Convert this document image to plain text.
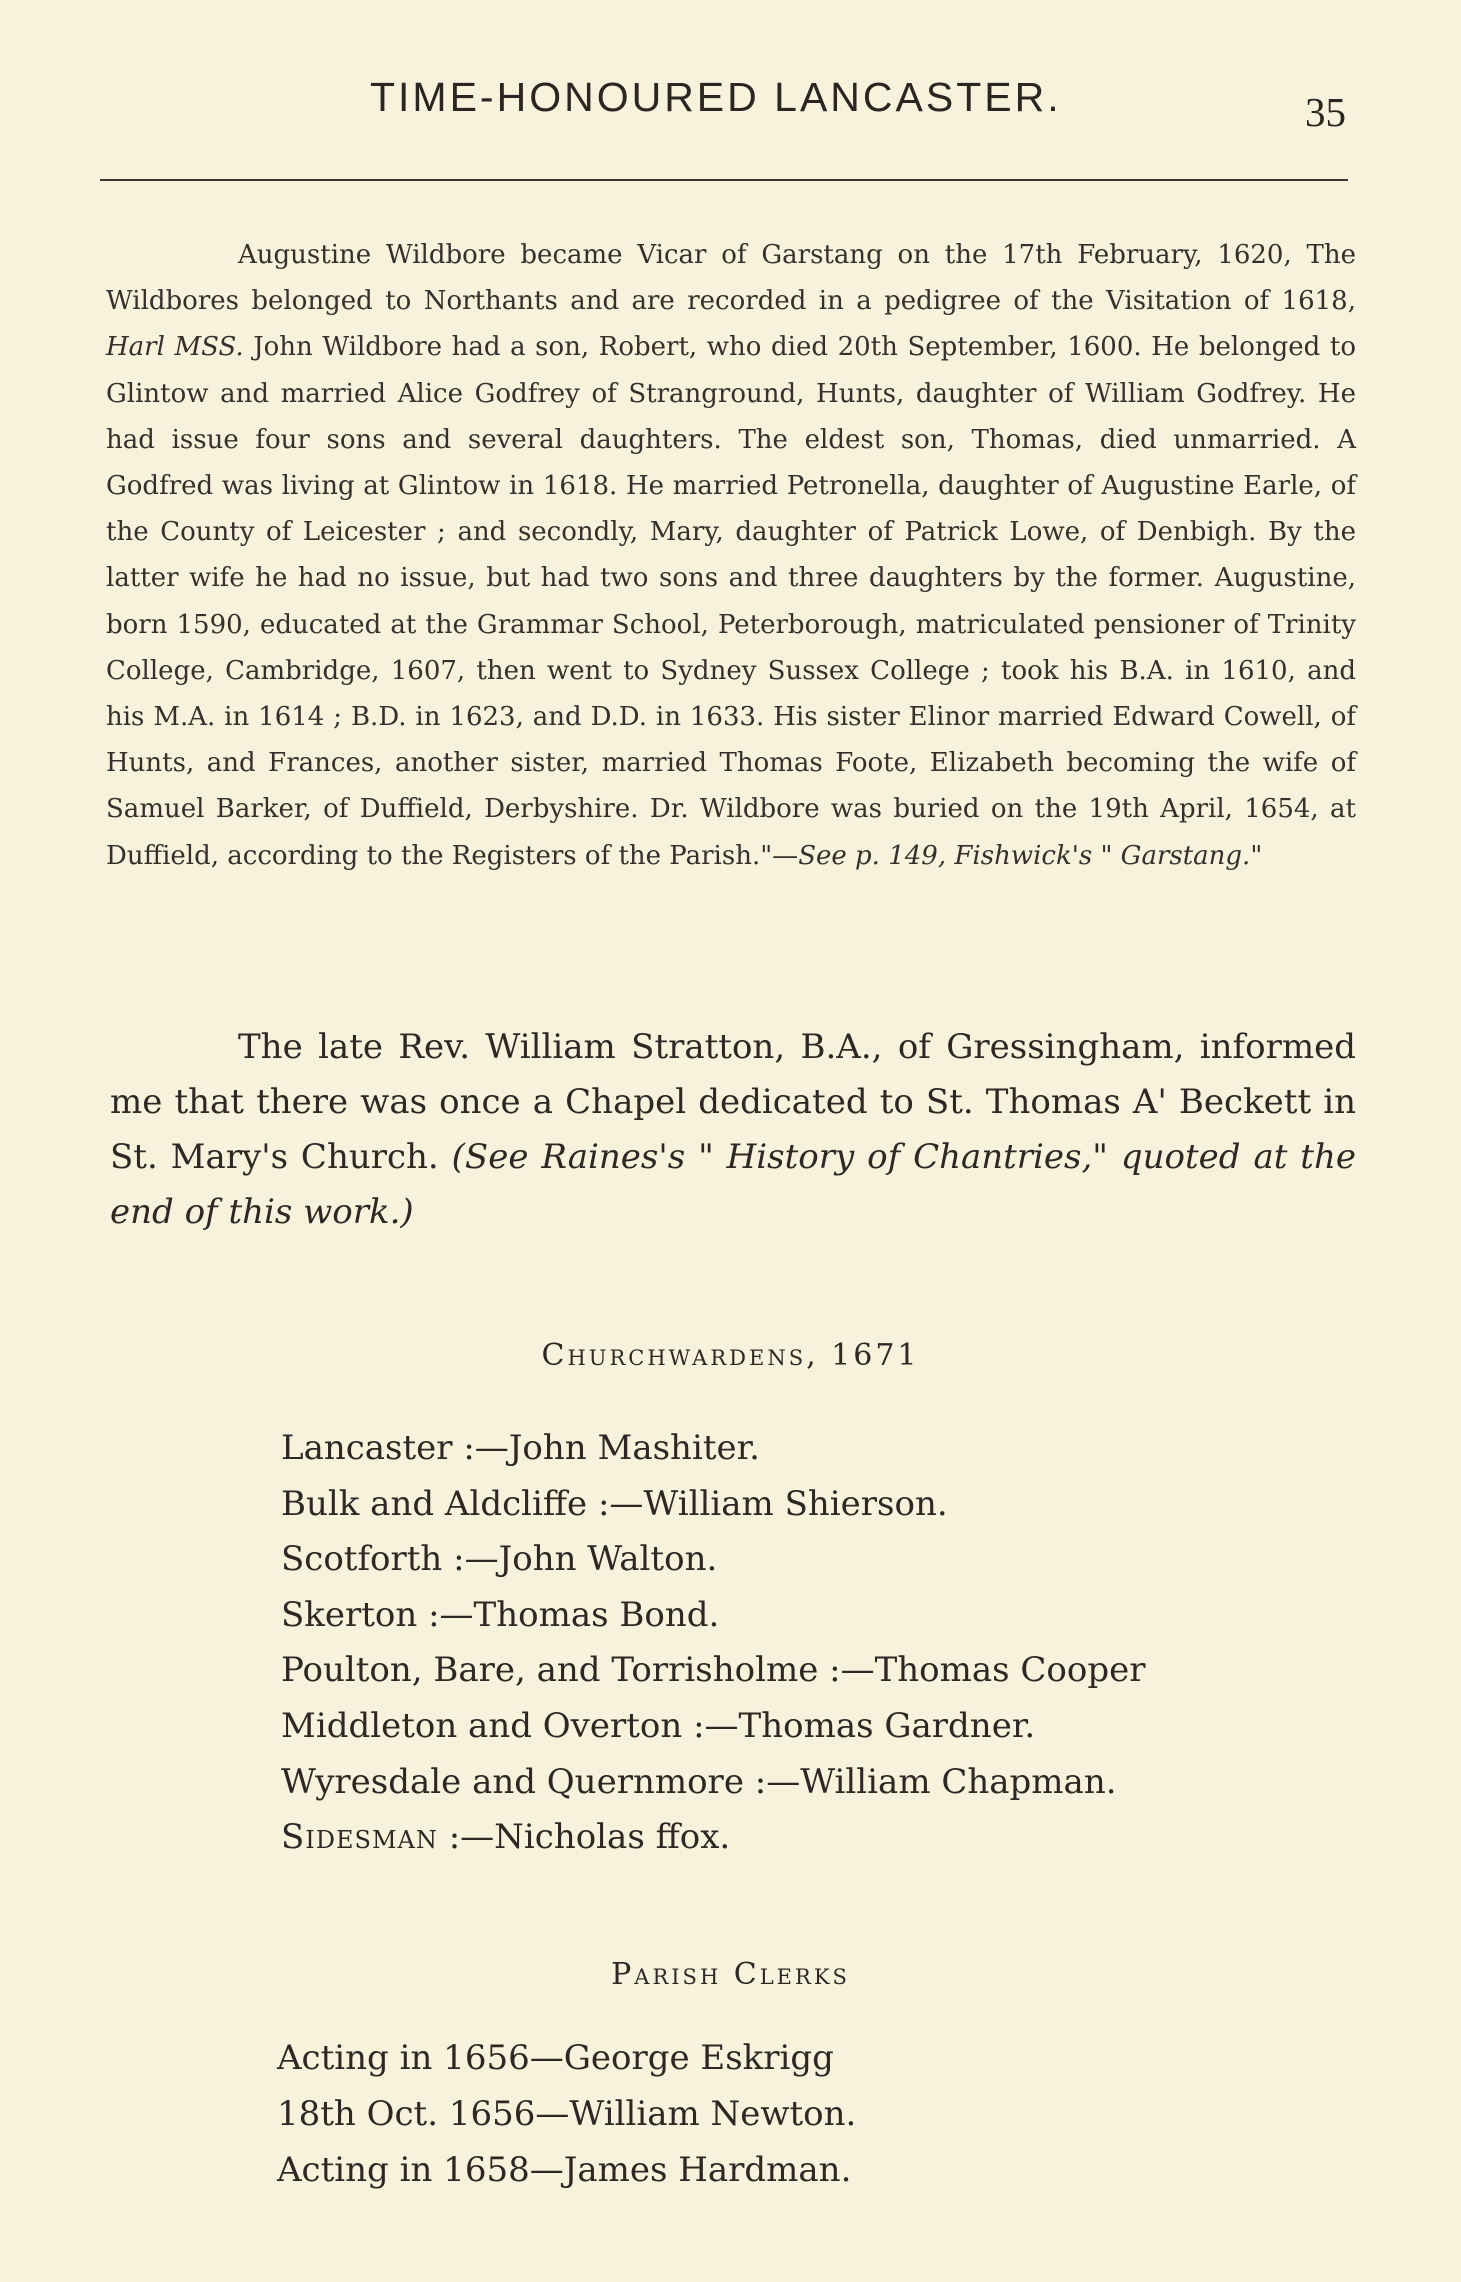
TIME-HONOURED LANCASTER.	35

Augustine Wildbore became Vicar of Garstang on the 17th February, 1620, The Wildbores belonged to Northants and are recorded in a pedigree of the Visitation of 1618, Harl MSS. John Wildbore had a son, Robert, who died 20th September, 1600. He belonged to Glintow and married Alice Godfrey of Stranground, Hunts, daughter of William Godfrey. He had issue four sons and several daughters. The eldest son, Thomas, died unmarried. A Godfred was living at Glintow in 1618. He married Petronella, daughter of Augustine Earle, of the County of Leicester ; and secondly, Mary, daughter of Patrick Lowe, of Denbigh. By the latter wife he had no issue, but had two sons and three daughters by the former. Augustine, born 1590, educated at the Grammar School, Peterborough, matriculated pensioner of Trinity College, Cambridge, 1607, then went to Sydney Sussex College ; took his B.A. in 1610, and his M.A. in 1614 ; B.D. in 1623, and D.D. in 1633. His sister Elinor married Edward Cowell, of Hunts, and Frances, another sister, married Thomas Foote, Elizabeth becoming the wife of Samuel Barker, of Duffield, Derbyshire. Dr. Wildbore was buried on the 19th April, 1654, at Duffield, according to the Registers of the Parish."—See p. 149, Fishwick's " Garstang."

The late Rev. William Stratton, B.A., of Gressingham, informed me that there was once a Chapel dedicated to St. Thomas A' Beckett in St. Mary's Church. (See Raines's " History of Chantries," quoted at the end of this work.)

Churchwardens, 1671
Lancaster :—John Mashiter.
Bulk and Aldcliffe :—William Shierson.
Scotforth :—John Walton.
Skerton :—Thomas Bond.
Poulton, Bare, and Torrisholme :—Thomas Cooper
Middleton and Overton :—Thomas Gardner.
Wyresdale and Quernmore :—William Chapman.
Sidesman :—Nicholas ffox.
Parish Clerks
Acting in 1656—George Eskrigg
18th Oct. 1656—William Newton.
Acting in 1658—James Hardman.
